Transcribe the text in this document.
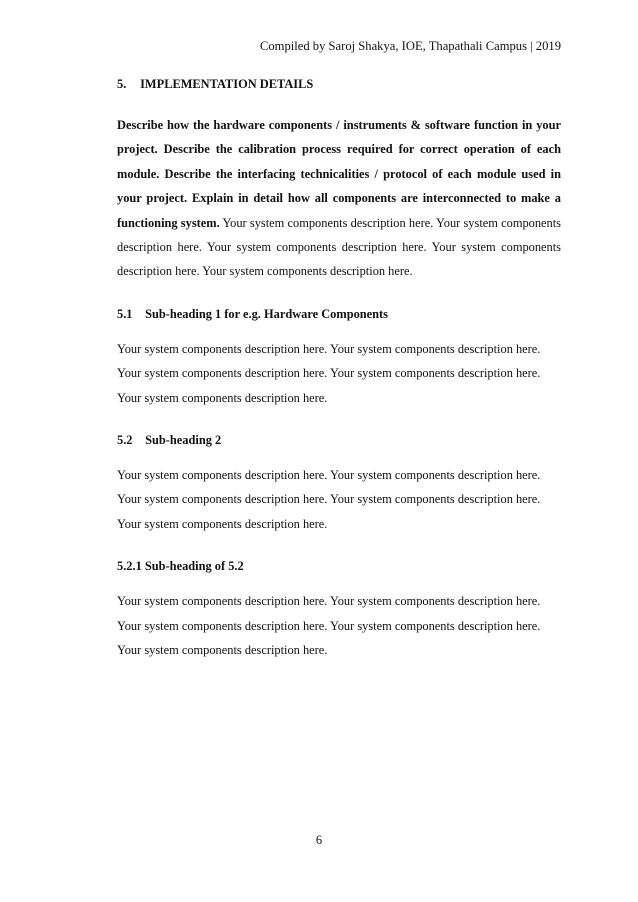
Compiled by Saroj Shakya, IOE, Thapathali Campus | 2019
5. IMPLEMENTATION DETAILS

Describe how the hardware components / instruments & software function in your project. Describe the calibration process required for correct operation of each module. Describe the interfacing technicalities / protocol of each module used in your project. Explain in detail how all components are interconnected to make a functioning system. Your system components description here. Your system components description here. Your system components description here. Your system components description here. Your system components description here.

5.1 Sub-heading 1 for e.g. Hardware Components

Your system components description here. Your system components description here.

Your system components description here. Your system components description here.

Your system components description here.

5.2 Sub-heading 2

Your system components description here. Your system components description here.

Your system components description here. Your system components description here.

Your system components description here.

5.2.1 Sub-heading of 5.2

Your system components description here. Your system components description here.

Your system components description here. Your system components description here.

Your system components description here.

6
